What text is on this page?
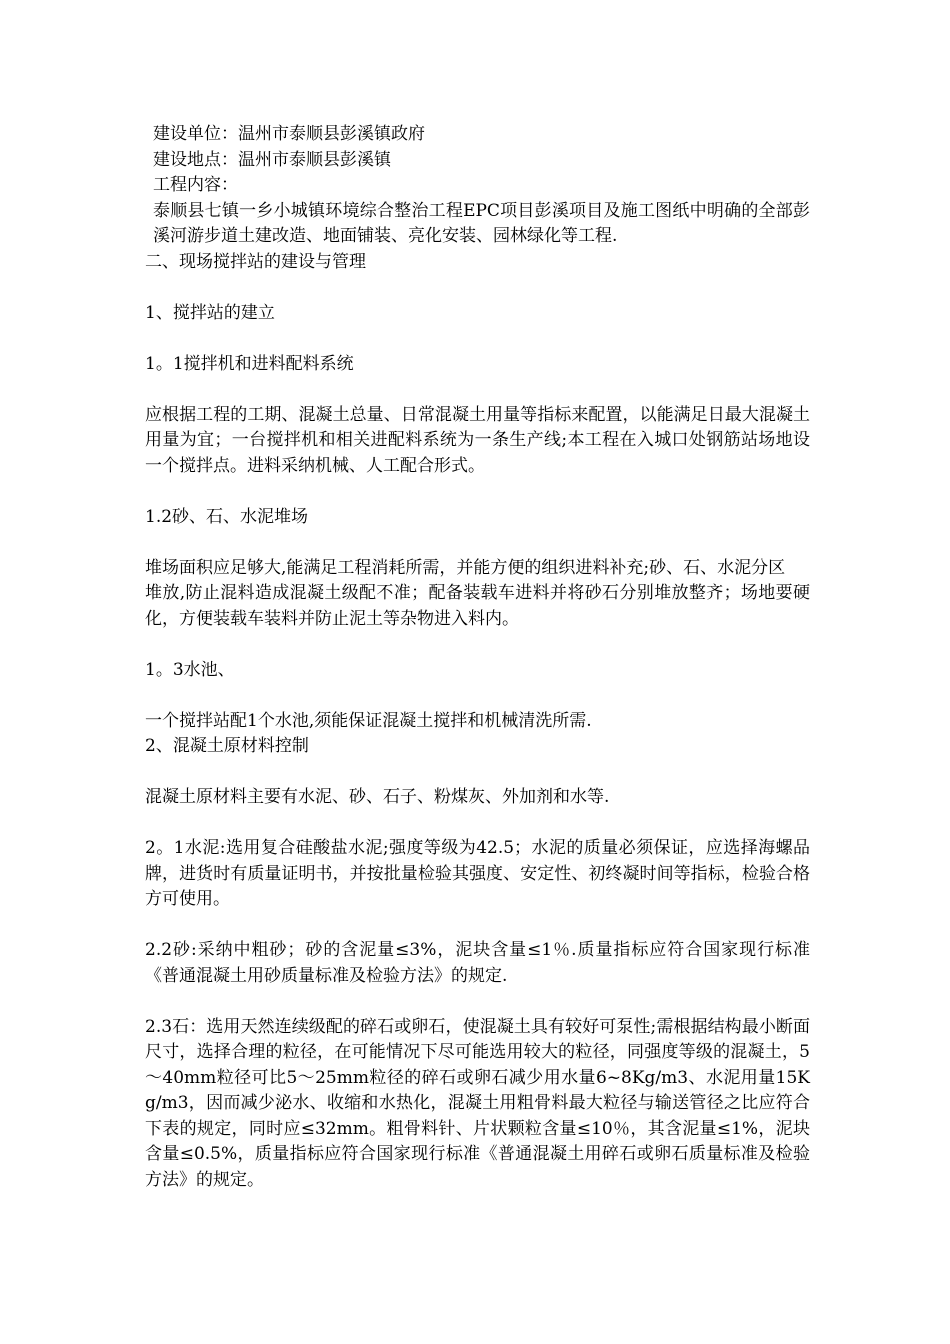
建设单位：温州市泰顺县彭溪镇政府

建设地点：温州市泰顺县彭溪镇

工程内容：

泰顺县七镇一乡小城镇环境综合整治工程EPC项目彭溪项目及施工图纸中明确的全部彭溪河游步道土建改造、地面铺装、亮化安装、园林绿化等工程.

二、现场搅拌站的建设与管理

1、搅拌站的建立

1。1搅拌机和进料配料系统

应根据工程的工期、混凝土总量、日常混凝土用量等指标来配置，以能满足日最大混凝土用量为宜；一台搅拌机和相关进配料系统为一条生产线;本工程在入城口处钢筋站场地设一个搅拌点。进料采纳机械、人工配合形式。

1.2砂、石、水泥堆场

堆场面积应足够大,能满足工程消耗所需，并能方便的组织进料补充;砂、石、水泥分区

堆放,防止混料造成混凝土级配不准；配备装载车进料并将砂石分别堆放整齐；场地要硬化，方便装载车装料并防止泥土等杂物进入料内。

1。3水池、

一个搅拌站配1个水池,须能保证混凝土搅拌和机械清洗所需.

2、混凝土原材料控制

混凝土原材料主要有水泥、砂、石子、粉煤灰、外加剂和水等.

2。1水泥:选用复合硅酸盐水泥;强度等级为42.5；水泥的质量必须保证，应选择海螺品牌，进货时有质量证明书，并按批量检验其强度、安定性、初终凝时间等指标，检验合格方可使用。

2.2砂:采纳中粗砂；砂的含泥量≤3%，泥块含量≤1％.质量指标应符合国家现行标准《普通混凝土用砂质量标准及检验方法》的规定.

2.3石：选用天然连续级配的碎石或卵石，使混凝土具有较好可泵性;需根据结构最小断面尺寸，选择合理的粒径，在可能情况下尽可能选用较大的粒径，同强度等级的混凝土，5～40mm粒径可比5～25mm粒径的碎石或卵石减少用水量6~8Kg/m3、水泥用量15Kg/m3，因而减少泌水、收缩和水热化，混凝土用粗骨料最大粒径与输送管径之比应符合下表的规定，同时应≤32mm。粗骨料针、片状颗粒含量≤10％，其含泥量≤1%，泥块含量≤0.5%，质量指标应符合国家现行标准《普通混凝土用碎石或卵石质量标准及检验方法》的规定。
